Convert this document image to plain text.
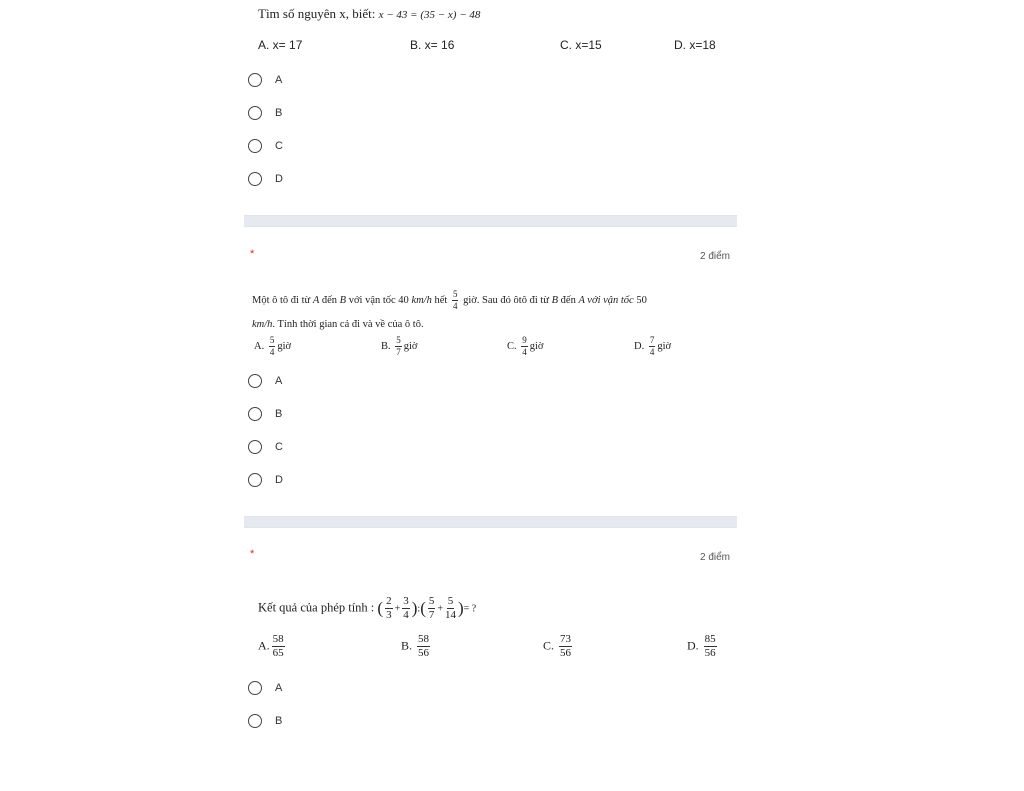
Tìm số nguyên x, biết: x − 43 = (35 − x) − 48
A. x= 17	B. x= 16	C. x=15	D. x=18
A
B
C
D
*	2 điểm
Một ô tô đi từ A đến B với vận tốc 40 km/h hết $\frac{5}{4}$ giờ. Sau đó ôtô đi từ B đến A với vận tốc 50
km/h. Tính thời gian cả đi và về của ô tô.
A. $\frac{5}{4}$ giờ	B. $\frac{5}{7}$ giờ	C. $\frac{9}{4}$ giờ	D. $\frac{7}{4}$ giờ
A
B
C
D
*	2 điểm
Kết quả của phép tính : ( $\frac{2}{3} + \frac{3}{4}$ ):( $\frac{5}{7} + \frac{5}{14}$ )= ?
A. $\frac{58}{65}$	B. $\frac{58}{56}$	C. $\frac{73}{56}$	D. $\frac{85}{56}$
A
B
